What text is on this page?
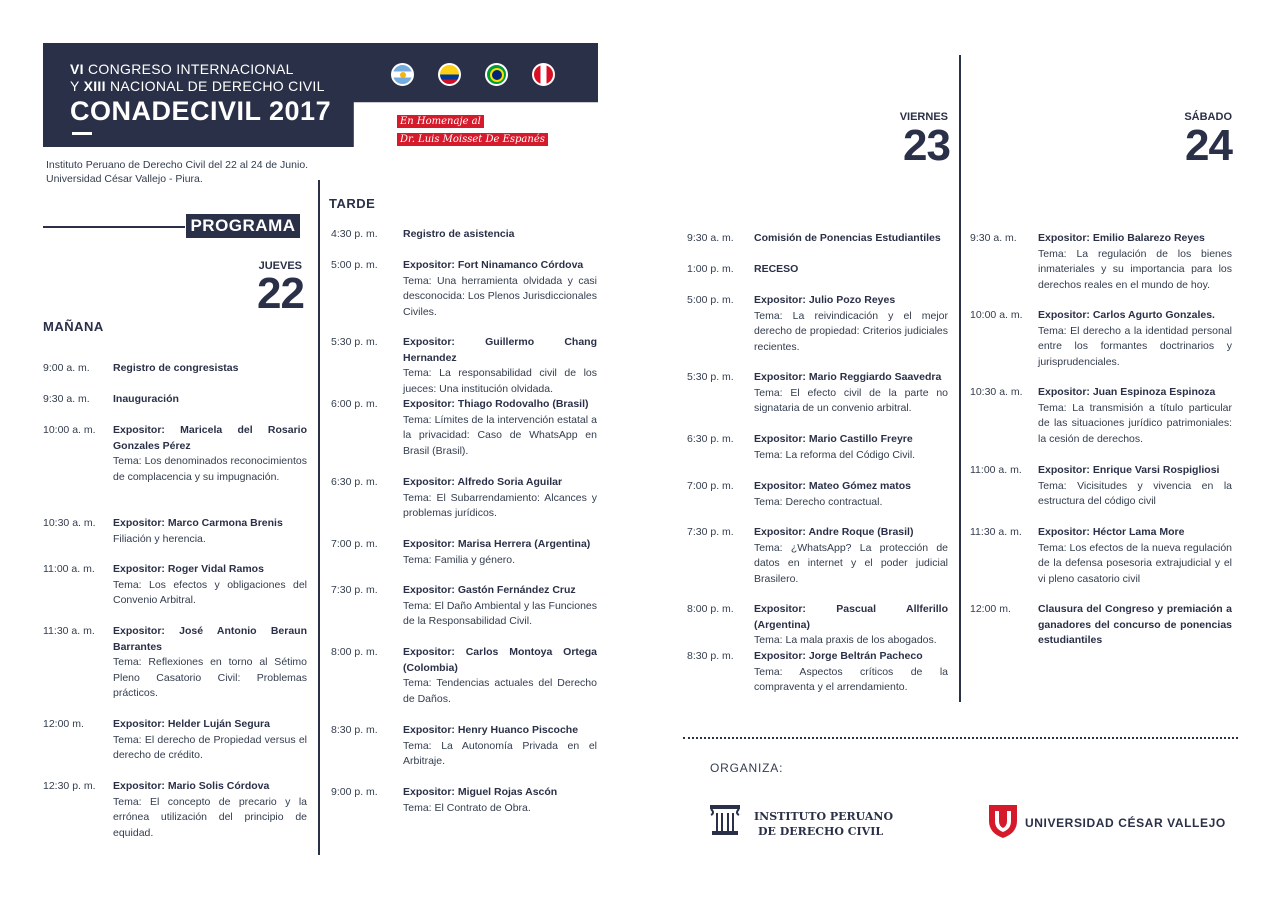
VI CONGRESO INTERNACIONAL
Y XIII NACIONAL DE DERECHO CIVIL
CONADECIVIL 2017	En Homenaje al
Dr. Luis Moisset De Espanés
Instituto Peruano de Derecho Civil del 22 al 24 de Junio.
Universidad César Vallejo - Piura.
PROGRAMA
JUEVES
22
MAÑANA
TARDE
9:00 a. m. Registro de congresistas
9:30 a. m. Inauguración
10:00 a. m. Expositor: Maricela del Rosario Gonzales Pérez
Tema: Los denominados reconocimientos de complacencia y su impugnación.
10:30 a. m. Expositor: Marco Carmona Brenis
Filiación y herencia.
11:00 a. m. Expositor: Roger Vidal Ramos
Tema: Los efectos y obligaciones del Convenio Arbitral.
11:30 a. m. Expositor: José Antonio Beraun Barrantes
Tema: Reflexiones en torno al Sétimo Pleno Casatorio Civil: Problemas prácticos.
12:00 m.	Expositor: Helder Luján Segura
Tema: El derecho de Propiedad versus el derecho de crédito.
12:30 p. m. Expositor: Mario Solis Córdova
Tema: El concepto de precario y la errónea utilización del principio de equidad.
4:30 p. m. Registro de asistencia
5:00 p. m. Expositor: Fort Ninamanco Córdova
Tema: Una herramienta olvidada y casi desconocida: Los Plenos Jurisdiccionales Civiles.
5:30 p. m. Expositor: Guillermo Chang Hernandez
Tema: La responsabilidad civil de los jueces: Una institución olvidada.
6:00 p. m. Expositor: Thiago Rodovalho (Brasil)
Tema: Límites de la intervención estatal a la privacidad: Caso de WhatsApp en Brasil (Brasil).
6:30 p. m. Expositor: Alfredo Soria Aguilar
Tema: El Subarrendamiento: Alcances y problemas jurídicos.
7:00 p. m. Expositor: Marisa Herrera (Argentina)
Tema: Familia y género.
7:30 p. m. Expositor: Gastón Fernández Cruz
Tema: El Daño Ambiental y las Funciones de la Responsabilidad Civil.
8:00 p. m. Expositor: Carlos Montoya Ortega (Colombia)
Tema: Tendencias actuales del Derecho de Daños.
8:30 p. m. Expositor: Henry Huanco Piscoche
Tema: La Autonomía Privada en el Arbitraje.
9:00 p. m. Expositor: Miguel Rojas Ascón
Tema: El Contrato de Obra.
VIERNES
23
9:30 a. m. Comisión de Ponencias Estudiantiles
1:00 p. m. RECESO
5:00 p. m. Expositor: Julio Pozo Reyes
Tema: La reivindicación y el mejor derecho de propiedad: Criterios judiciales recientes.
5:30 p. m. Expositor: Mario Reggiardo Saavedra
Tema: El efecto civil de la parte no signataria de un convenio arbitral.
6:30 p. m. Expositor: Mario Castillo Freyre
Tema: La reforma del Código Civil.
7:00 p. m. Expositor: Mateo Gómez matos
Tema: Derecho contractual.
7:30 p. m. Expositor: Andre Roque (Brasil)
Tema: ¿WhatsApp? La protección de datos en internet y el poder judicial Brasilero.
8:00 p. m. Expositor: Pascual Allferillo (Argentina)
Tema: La mala praxis de los abogados.
8:30 p. m. Expositor: Jorge Beltrán Pacheco
Tema: Aspectos críticos de la compraventa y el arrendamiento.
SÁBADO
24
9:30 a. m. Expositor: Emilio Balarezo Reyes
Tema: La regulación de los bienes inmateriales y su importancia para los derechos reales en el mundo de hoy.
10:00 a. m. Expositor: Carlos Agurto Gonzales.
Tema: El derecho a la identidad personal entre los formantes doctrinarios y jurisprudenciales.
10:30 a. m. Expositor: Juan Espinoza Espinoza
Tema: La transmisión a título particular de las situaciones jurídico patrimoniales: la cesión de derechos.
11:00 a. m. Expositor: Enrique Varsi Rospigliosi
Tema: Vicisitudes y vivencia en la estructura del código civil
11:30 a. m. Expositor: Héctor Lama More
Tema: Los efectos de la nueva regulación de la defensa posesoria extrajudicial y el vi pleno casatorio civil
12:00 m.	Clausura del Congreso y premiación a ganadores del concurso de ponencias estudiantiles
ORGANIZA:
INSTITUTO PERUANO
DE DERECHO CIVIL
UNIVERSIDAD CÉSAR VALLEJO
